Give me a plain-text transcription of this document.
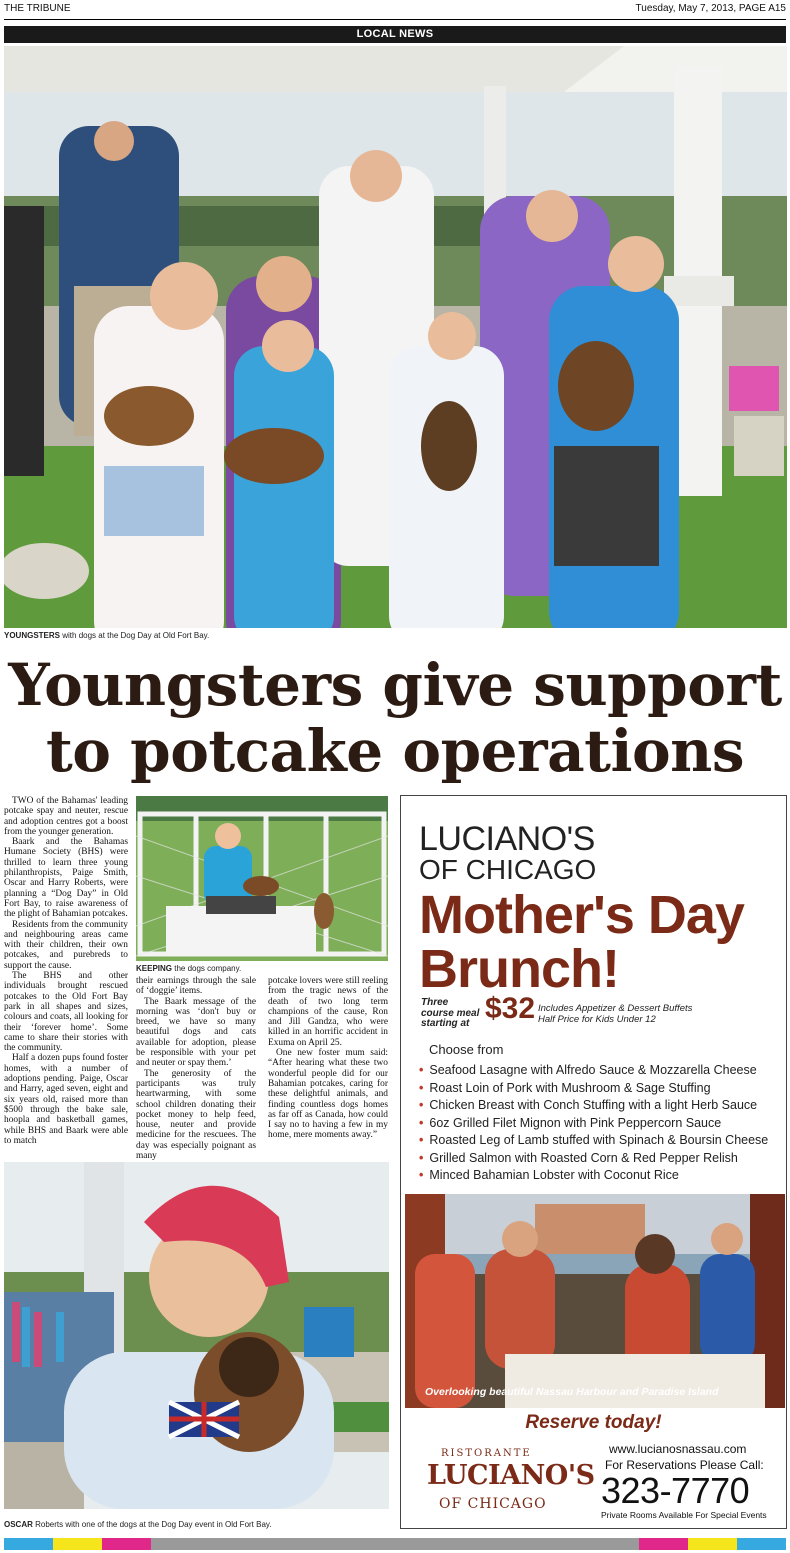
THE TRIBUNE	Tuesday, May 7, 2013, PAGE A15
LOCAL NEWS
YOUNGSTERS with dogs at the Dog Day at Old Fort Bay.
Youngsters give support
to potcake operations

TWO of the Bahamas' leading potcake spay and neuter, rescue and adoption centres got a boost from the younger generation.

Baark and the Bahamas Humane Society (BHS) were thrilled to learn three young philanthropists, Paige Smith, Oscar and Harry Roberts, were planning a “Dog Day” in Old Fort Bay, to raise awareness of the plight of Bahamian potcakes.

Residents from the community and neighbouring areas came with their children, their own potcakes, and purebreds to support the cause.

The BHS and other individuals brought rescued potcakes to the Old Fort Bay park in all shapes and sizes, colours and coats, all looking for their ‘forever home’. Some came to share their stories with the community.

Half a dozen pups found foster homes, with a number of adoptions pending. Paige, Oscar and Harry, aged seven, eight and six years old, raised more than $500 through the bake sale, hoopla and basketball games, while BHS and Baark were able to match

KEEPING the dogs company.

their earnings through the sale of ‘doggie’ items.

The Baark message of the morning was ‘don't buy or breed, we have so many beautiful dogs and cats available for adoption, please be responsible with your pet and neuter or spay them.’

The generosity of the participants was truly heartwarming, with some school children donating their pocket money to help feed, house, neuter and provide medicine for the rescuees. The day was especially poignant as many

potcake lovers were still reeling from the tragic news of the death of two long term champions of the cause, Ron and Jill Gandza, who were killed in an horrific accident in Exuma on April 25.

One new foster mum said: “After hearing what these two wonderful people did for our Bahamian potcakes, caring for these delightful animals, and finding countless dogs homes as far off as Canada, how could I say no to having a few in my home, mere moments away.”

OSCAR Roberts with one of the dogs at the Dog Day event in Old Fort Bay.
LUCIANO'S
OF CHICAGO
Mother's Day
Brunch!
Three
course meal
starting at $32 Includes Appetizer & Dessert Buffets
Half Price for Kids Under 12
Choose from
• Seafood Lasagne with Alfredo Sauce & Mozzarella Cheese
• Roast Loin of Pork with Mushroom & Sage Stuffing
• Chicken Breast with Conch Stuffing with a light Herb Sauce
• 6oz Grilled Filet Mignon with Pink Peppercorn Sauce
• Roasted Leg of Lamb stuffed with Spinach & Boursin Cheese
• Grilled Salmon with Roasted Corn & Red Pepper Relish
• Minced Bahamian Lobster with Coconut Rice
Overlooking beautiful Nassau Harbour and Paradise Island
Reserve today!
RISTORANTE
LUCIANO'S
OF CHICAGO
www.lucianosnassau.com
For Reservations Please Call:
323-7770
Private Rooms Available For Special Events
